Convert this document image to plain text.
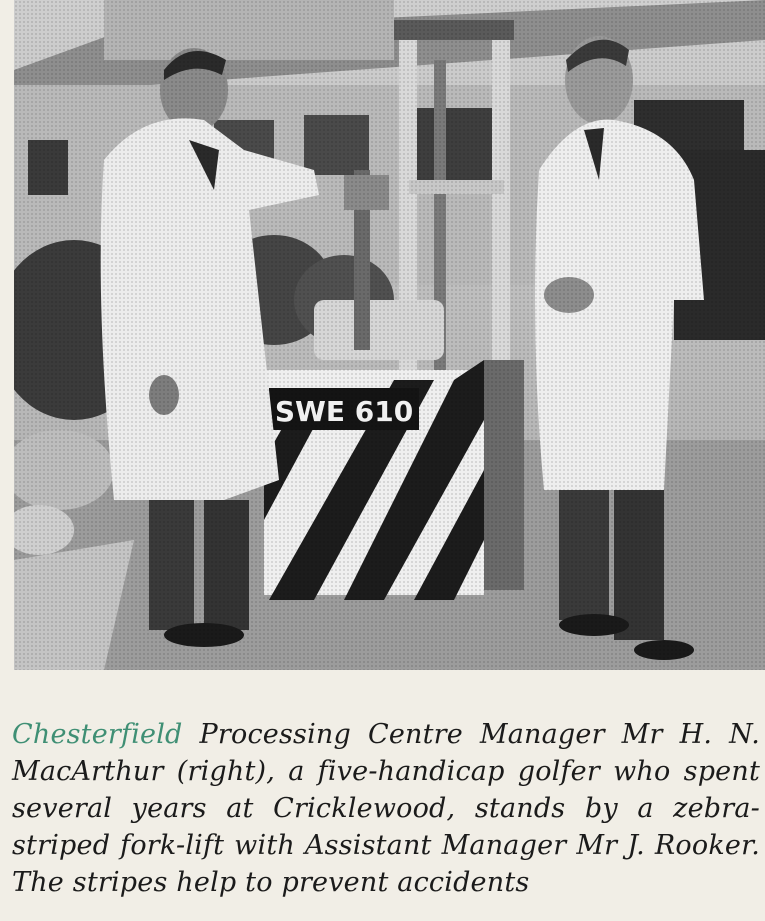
SWE 610

Chesterfield Processing Centre Manager Mr H. N. MacArthur (right), a five-handicap golfer who spent several years at Cricklewood, stands by a zebra-striped fork-lift with Assistant Manager Mr J. Rooker. The stripes help to prevent accidents
